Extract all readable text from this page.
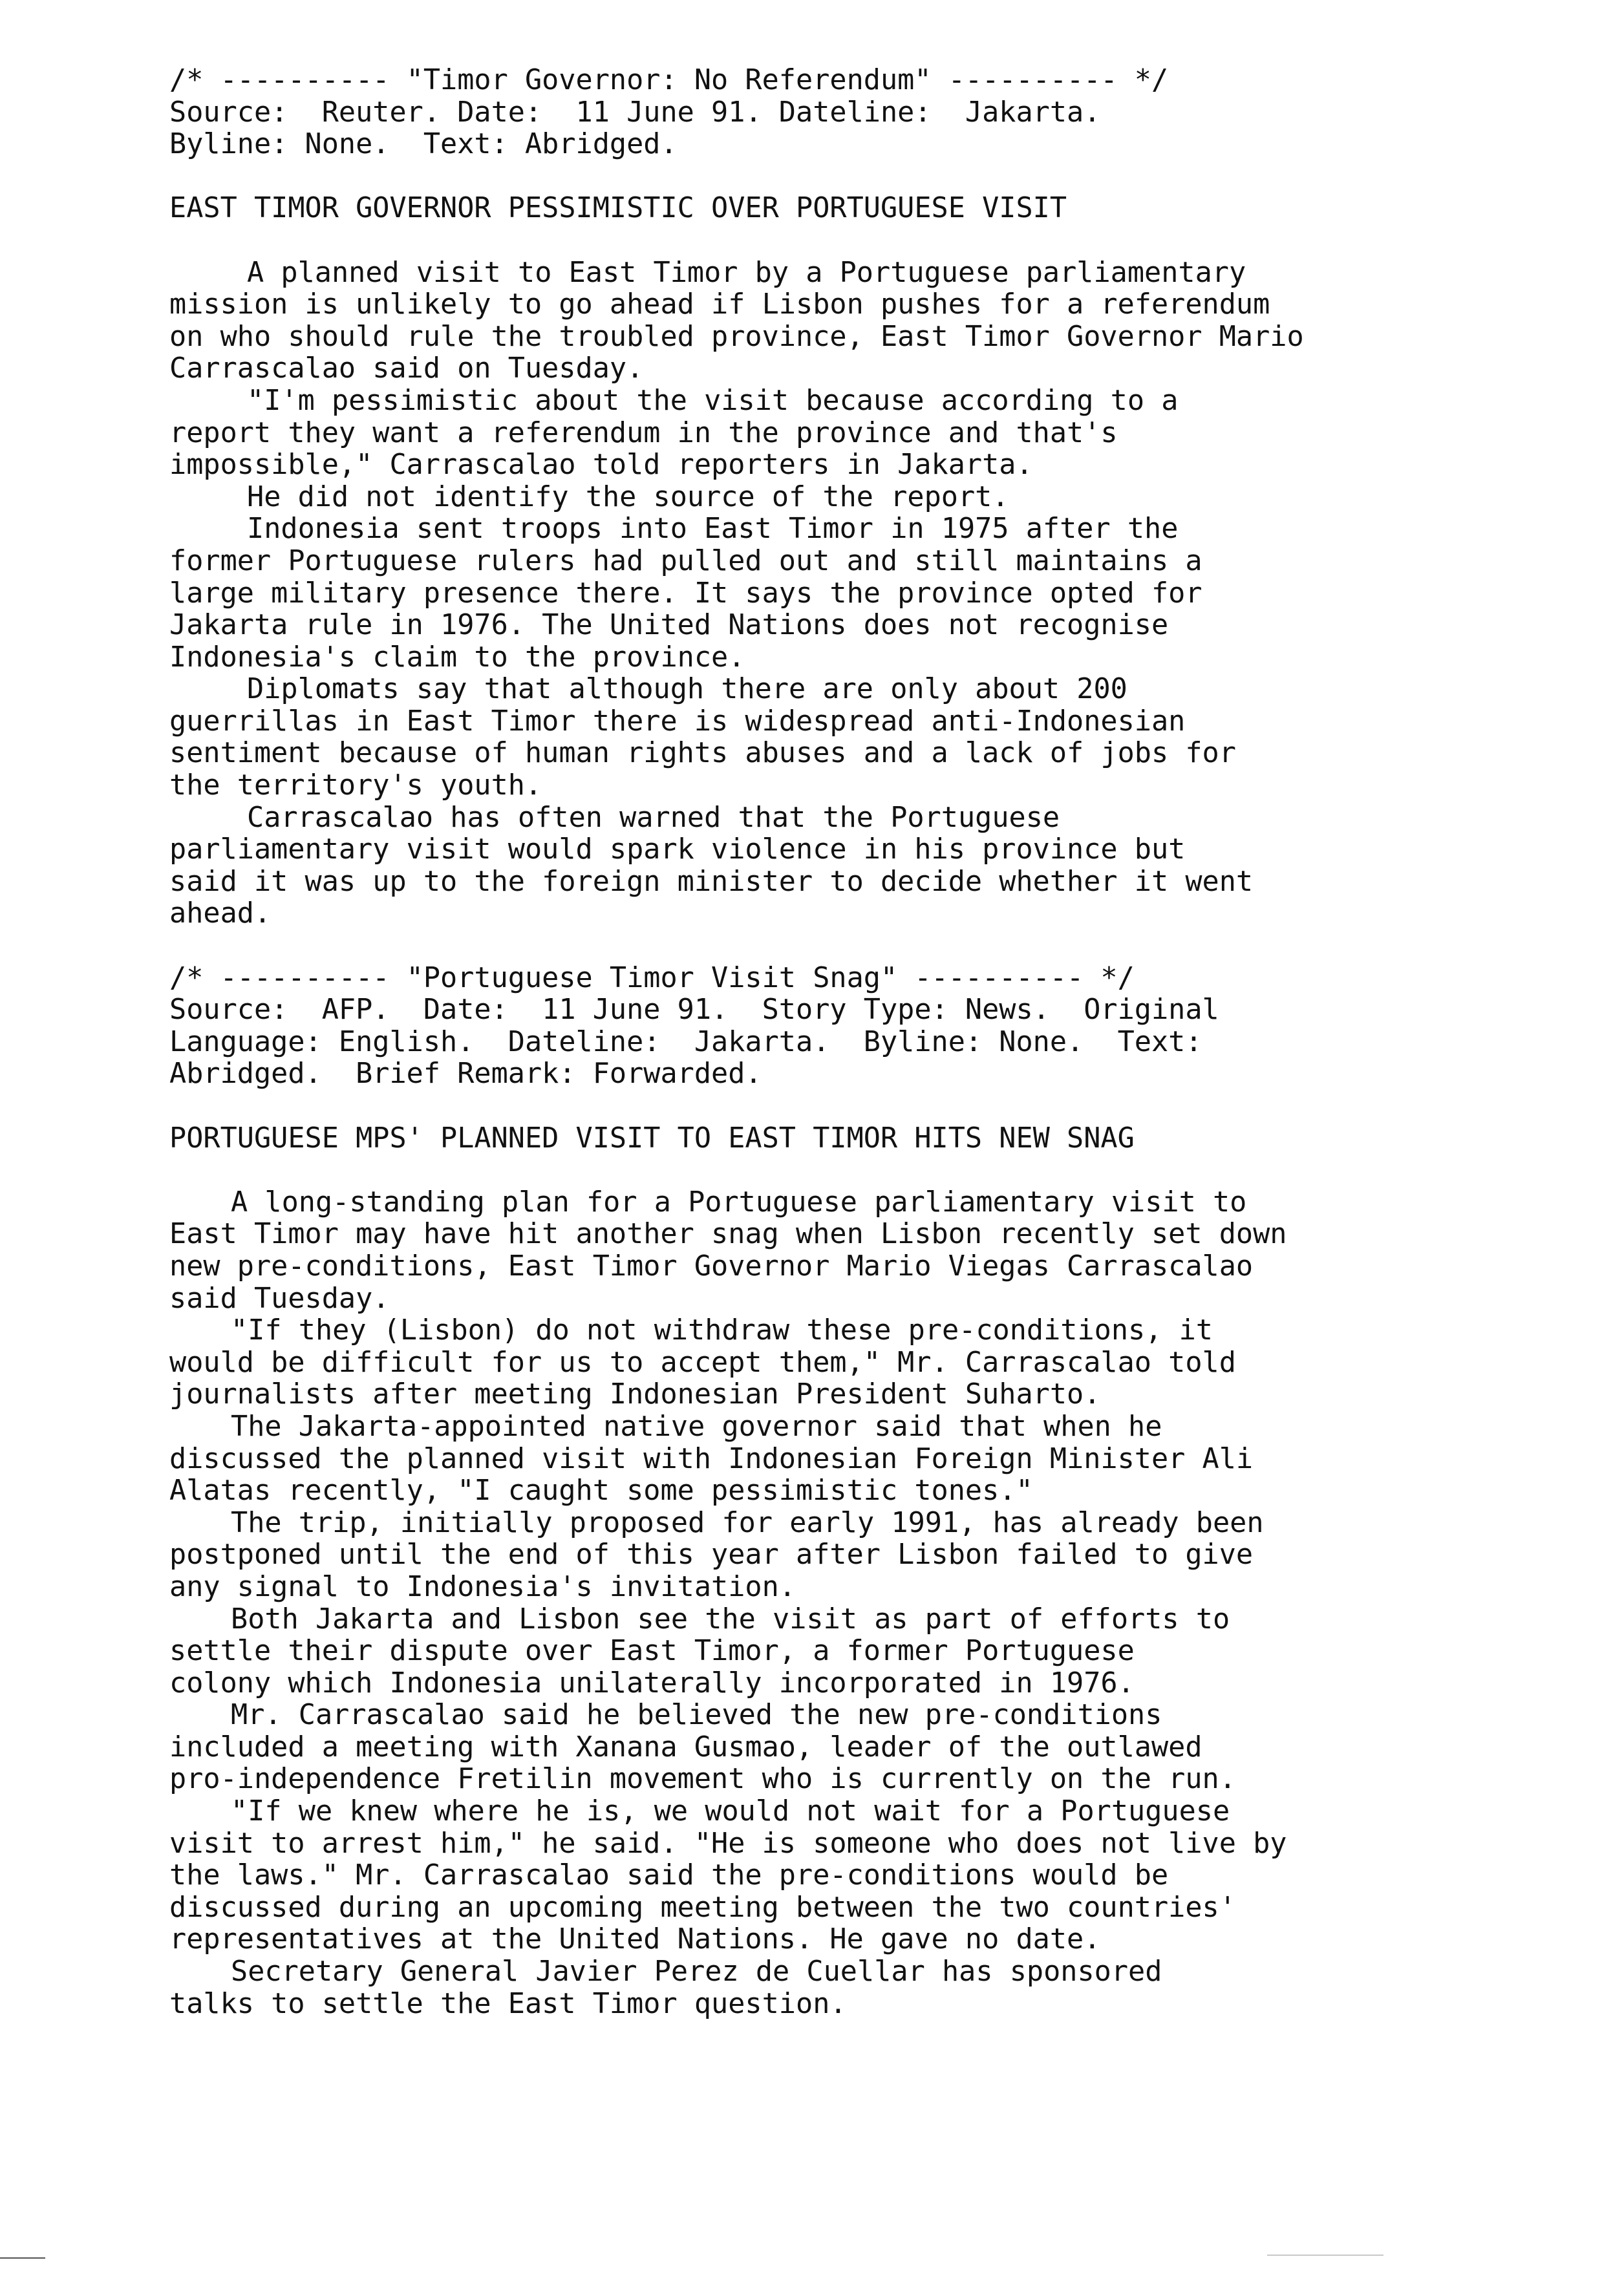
/* ---------- "Timor Governor: No Referendum" ---------- */
Source:  Reuter. Date:  11 June 91. Dateline:  Jakarta.
Byline: None.  Text: Abridged.
EAST TIMOR GOVERNOR PESSIMISTIC OVER PORTUGUESE VISIT
A planned visit to East Timor by a Portuguese parliamentary
mission is unlikely to go ahead if Lisbon pushes for a referendum
on who should rule the troubled province, East Timor Governor Mario
Carrascalao said on Tuesday.
"I'm pessimistic about the visit because according to a
report they want a referendum in the province and that's
impossible," Carrascalao told reporters in Jakarta.
He did not identify the source of the report.
Indonesia sent troops into East Timor in 1975 after the
former Portuguese rulers had pulled out and still maintains a
large military presence there. It says the province opted for
Jakarta rule in 1976. The United Nations does not recognise
Indonesia's claim to the province.
Diplomats say that although there are only about 200
guerrillas in East Timor there is widespread anti-Indonesian
sentiment because of human rights abuses and a lack of jobs for
the territory's youth.
Carrascalao has often warned that the Portuguese
parliamentary visit would spark violence in his province but
said it was up to the foreign minister to decide whether it went
ahead.
/* ---------- "Portuguese Timor Visit Snag" ---------- */
Source:  AFP.  Date:  11 June 91.  Story Type: News.  Original
Language: English.  Dateline:  Jakarta.  Byline: None.  Text:
Abridged.  Brief Remark: Forwarded.
PORTUGUESE MPS' PLANNED VISIT TO EAST TIMOR HITS NEW SNAG
A long-standing plan for a Portuguese parliamentary visit to
East Timor may have hit another snag when Lisbon recently set down
new pre-conditions, East Timor Governor Mario Viegas Carrascalao
said Tuesday.
"If they (Lisbon) do not withdraw these pre-conditions, it
would be difficult for us to accept them," Mr. Carrascalao told
journalists after meeting Indonesian President Suharto.
The Jakarta-appointed native governor said that when he
discussed the planned visit with Indonesian Foreign Minister Ali
Alatas recently, "I caught some pessimistic tones."
The trip, initially proposed for early 1991, has already been
postponed until the end of this year after Lisbon failed to give
any signal to Indonesia's invitation.
Both Jakarta and Lisbon see the visit as part of efforts to
settle their dispute over East Timor, a former Portuguese
colony which Indonesia unilaterally incorporated in 1976.
Mr. Carrascalao said he believed the new pre-conditions
included a meeting with Xanana Gusmao, leader of the outlawed
pro-independence Fretilin movement who is currently on the run.
"If we knew where he is, we would not wait for a Portuguese
visit to arrest him," he said. "He is someone who does not live by
the laws." Mr. Carrascalao said the pre-conditions would be
discussed during an upcoming meeting between the two countries'
representatives at the United Nations. He gave no date.
Secretary General Javier Perez de Cuellar has sponsored
talks to settle the East Timor question.
